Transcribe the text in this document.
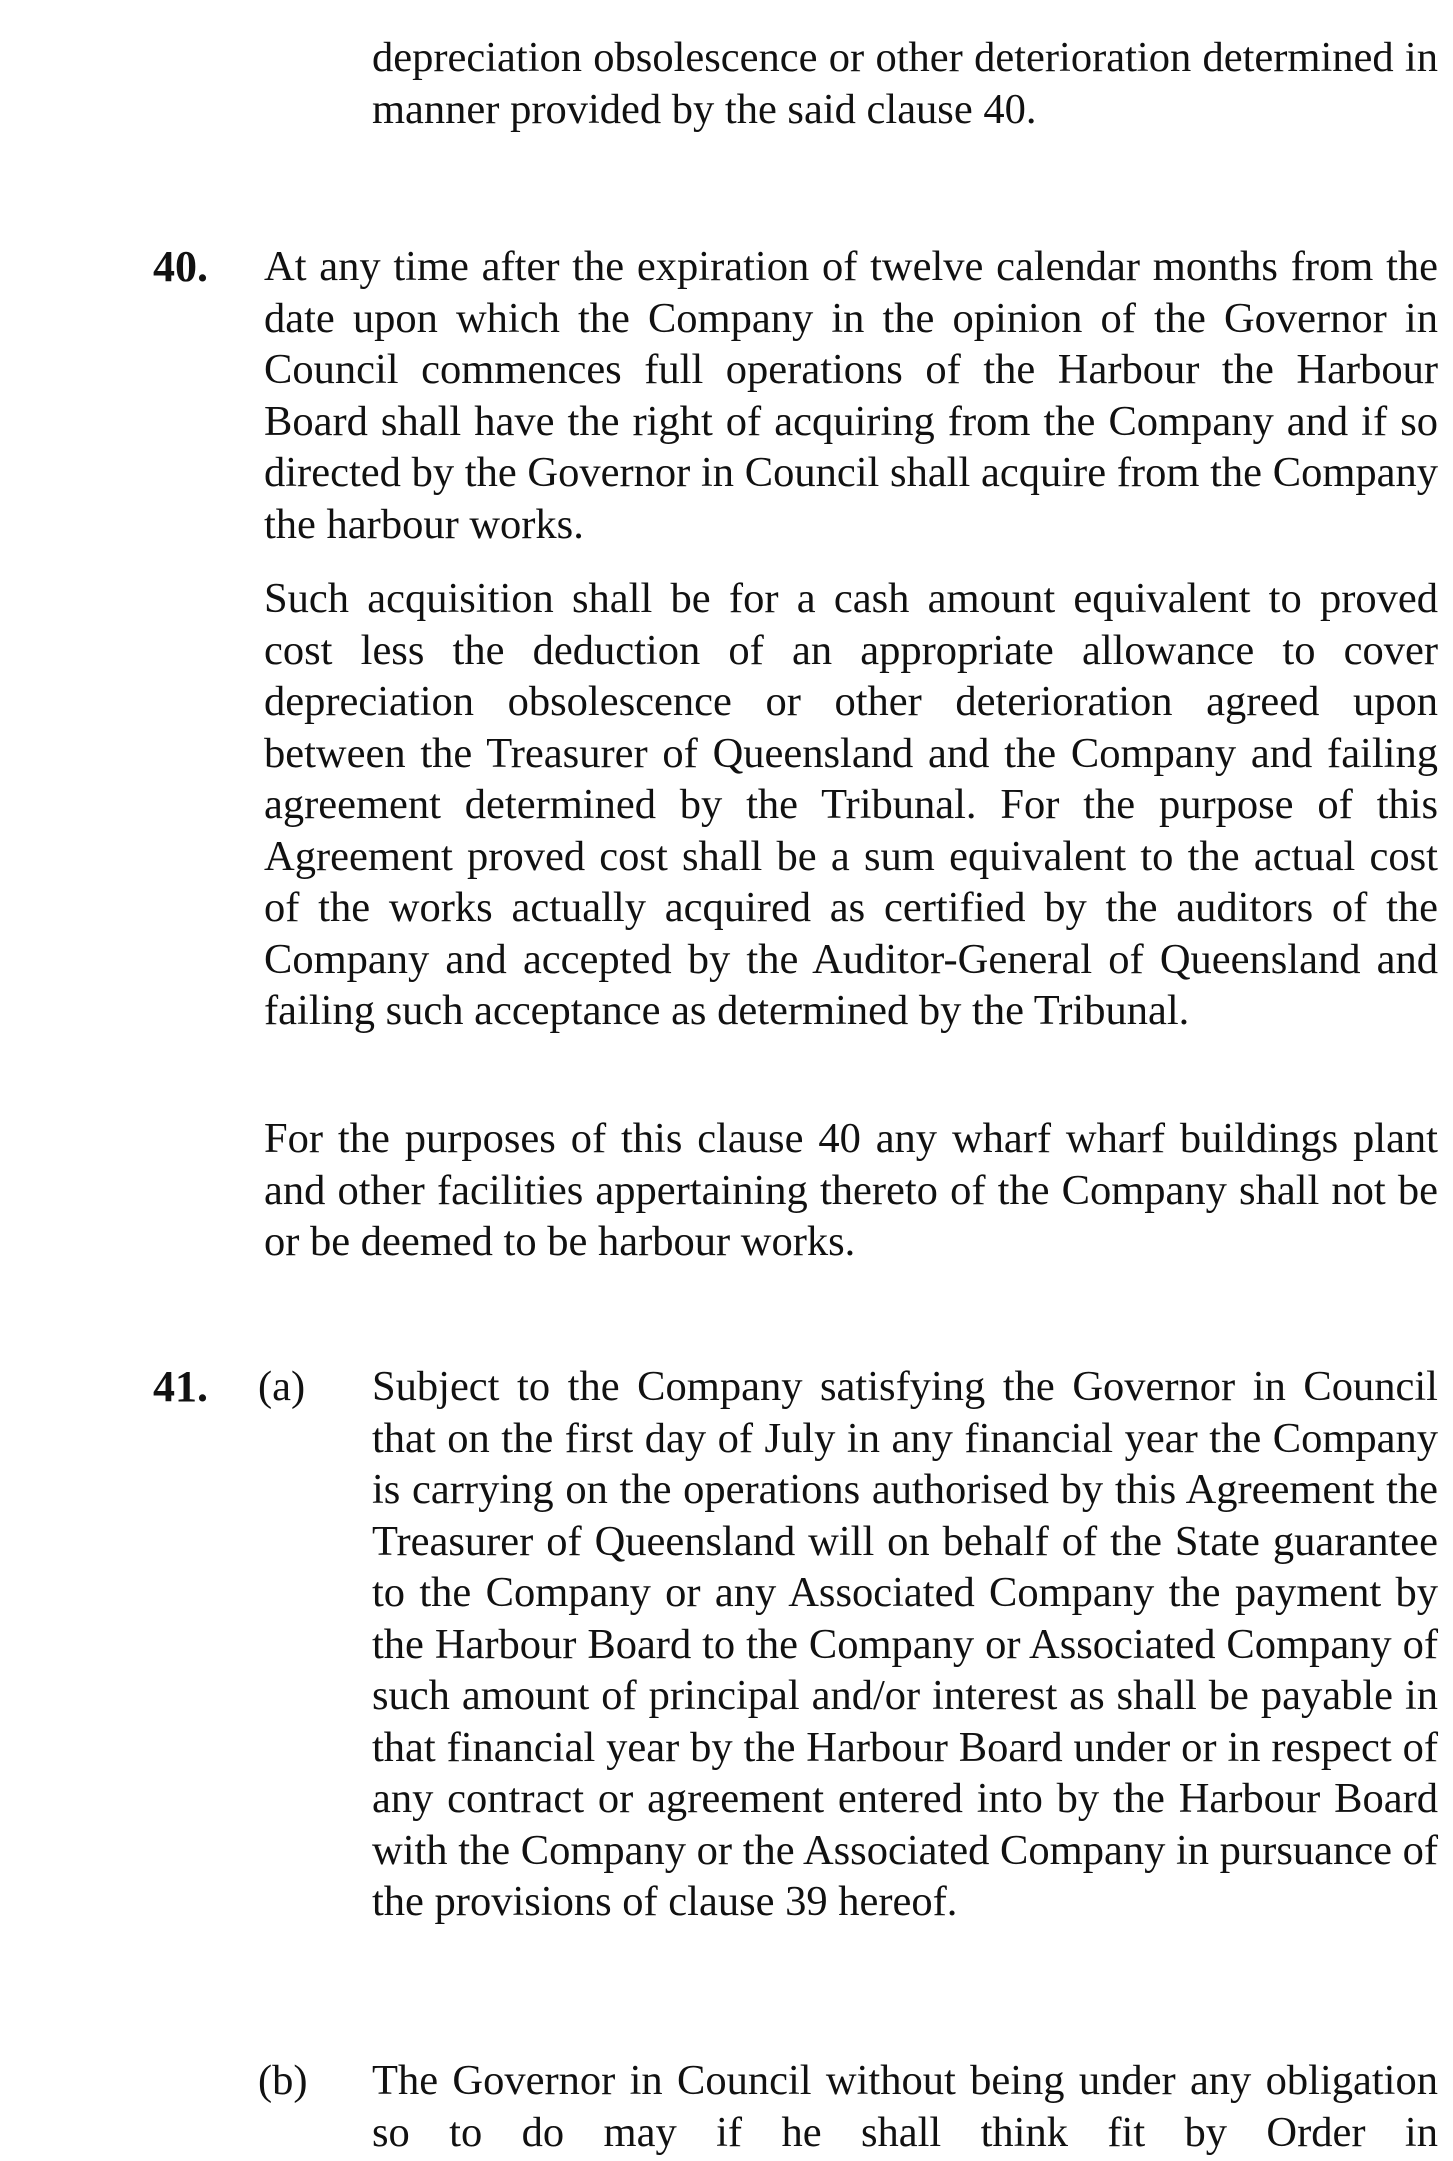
depreciation obsolescence or other deterioration determined in manner provided by the said clause 40.
40. At any time after the expiration of twelve calendar months from the date upon which the Company in the opinion of the Governor in Council commences full operations of the Harbour the Harbour Board shall have the right of acquiring from the Company and if so directed by the Governor in Council shall acquire from the Company the harbour works.
Such acquisition shall be for a cash amount equivalent to proved cost less the deduction of an appropriate allowance to cover depreciation obsolescence or other deterioration agreed upon between the Treasurer of Queensland and the Company and failing agreement determined by the Tribunal. For the purpose of this Agreement proved cost shall be a sum equivalent to the actual cost of the works actually acquired as certified by the auditors of the Company and accepted by the Auditor-General of Queensland and failing such acceptance as determined by the Tribunal.
For the purposes of this clause 40 any wharf wharf buildings plant and other facilities appertaining thereto of the Company shall not be or be deemed to be harbour works.
41. (a) Subject to the Company satisfying the Governor in Council that on the first day of July in any financial year the Company is carrying on the operations authorised by this Agreement the Treasurer of Queensland will on behalf of the State guarantee to the Company or any Associated Company the payment by the Harbour Board to the Company or Associated Company of such amount of principal and/or interest as shall be payable in that financial year by the Harbour Board under or in respect of any contract or agreement entered into by the Harbour Board with the Company or the Associated Company in pursuance of the provisions of clause 39 hereof.
(b) The Governor in Council without being under any obligation so to do may if he shall think fit by Order in
